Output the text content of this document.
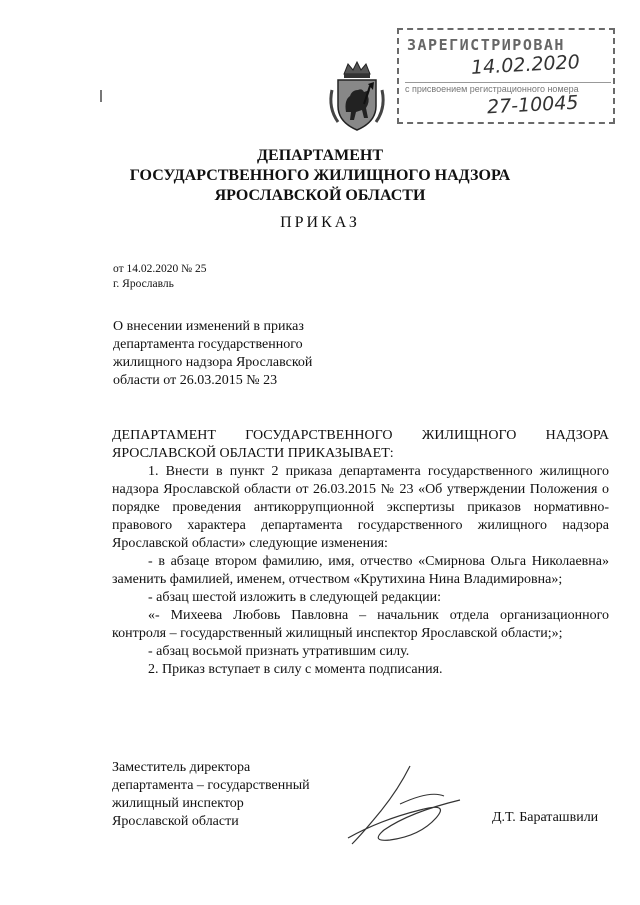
ЗАРЕГИСТРИРОВАН
14.02.2020
с присвоением регистрационного номера
27-10045
ДЕПАРТАМЕНТ
ГОСУДАРСТВЕННОГО ЖИЛИЩНОГО НАДЗОРА
ЯРОСЛАВСКОЙ ОБЛАСТИ
ПРИКАЗ
от 14.02.2020 № 25
г. Ярославль
О внесении изменений в приказ
департамента государственного
жилищного надзора Ярославской
области от 26.03.2015 № 23

ДЕПАРТАМЕНТ ГОСУДАРСТВЕННОГО ЖИЛИЩНОГО НАДЗОРА ЯРОСЛАВСКОЙ ОБЛАСТИ ПРИКАЗЫВАЕТ:

1. Внести в пункт 2 приказа департамента государственного жилищного надзора Ярославской области от 26.03.2015 № 23 «Об утверждении Положения о порядке проведения антикоррупционной экспертизы приказов нормативно-правового характера департамента государственного жилищного надзора Ярославской области» следующие изменения:

- в абзаце втором фамилию, имя, отчество «Смирнова Ольга Николаевна» заменить фамилией, именем, отчеством «Крутихина Нина Владимировна»;

- абзац шестой изложить в следующей редакции:

«- Михеева Любовь Павловна – начальник отдела организационного контроля – государственный жилищный инспектор Ярославской области;»;

- абзац восьмой признать утратившим силу.

2. Приказ вступает в силу с момента подписания.

Заместитель директора
департамента – государственный
жилищный инспектор
Ярославской области	Д.Т. Бараташвили
